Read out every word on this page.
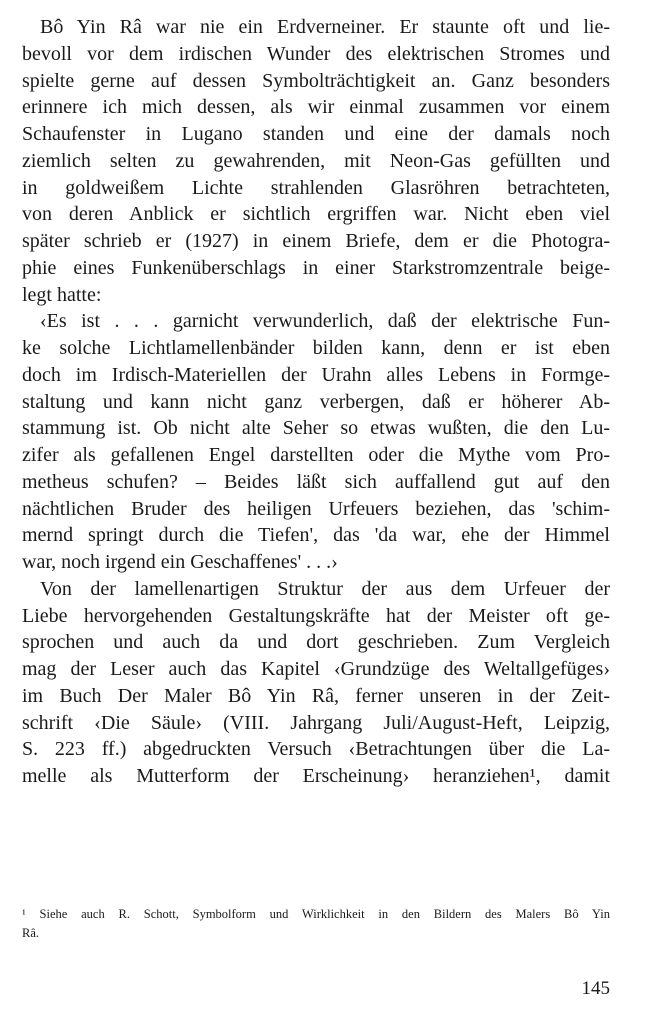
Bô Yin Râ war nie ein Erdverneiner. Er staunte oft und lie-
bevoll vor dem irdischen Wunder des elektrischen Stromes und
spielte gerne auf dessen Symbolträchtigkeit an. Ganz besonders
erinnere ich mich dessen, als wir einmal zusammen vor einem
Schaufenster in Lugano standen und eine der damals noch
ziemlich selten zu gewahrenden, mit Neon-Gas gefüllten und
in goldweißem Lichte strahlenden Glasröhren betrachteten,
von deren Anblick er sichtlich ergriffen war. Nicht eben viel
später schrieb er (1927) in einem Briefe, dem er die Photogra-
phie eines Funkenüberschlags in einer Starkstromzentrale beige-
legt hatte:
‹Es ist . . . garnicht verwunderlich, daß der elektrische Fun-
ke solche Lichtlamellenbänder bilden kann, denn er ist eben
doch im Irdisch-Materiellen der Urahn alles Lebens in Formge-
staltung und kann nicht ganz verbergen, daß er höherer Ab-
stammung ist. Ob nicht alte Seher so etwas wußten, die den Lu-
zifer als gefallenen Engel darstellten oder die Mythe vom Pro-
metheus schufen? – Beides läßt sich auffallend gut auf den
nächtlichen Bruder des heiligen Urfeuers beziehen, das 'schim-
mernd springt durch die Tiefen', das 'da war, ehe der Himmel
war, noch irgend ein Geschaffenes' . . .›
Von der lamellenartigen Struktur der aus dem Urfeuer der
Liebe hervorgehenden Gestaltungskräfte hat der Meister oft ge-
sprochen und auch da und dort geschrieben. Zum Vergleich
mag der Leser auch das Kapitel ‹Grundzüge des Weltallgefüges›
im Buch Der Maler Bô Yin Râ, ferner unseren in der Zeit-
schrift ‹Die Säule› (VIII. Jahrgang Juli/August-Heft, Leipzig,
S. 223 ff.) abgedruckten Versuch ‹Betrachtungen über die La-
melle als Mutterform der Erscheinung› heranziehen¹, damit
¹ Siehe auch R. Schott, Symbolform und Wirklichkeit in den Bildern des Malers Bô Yin
Râ.
145
